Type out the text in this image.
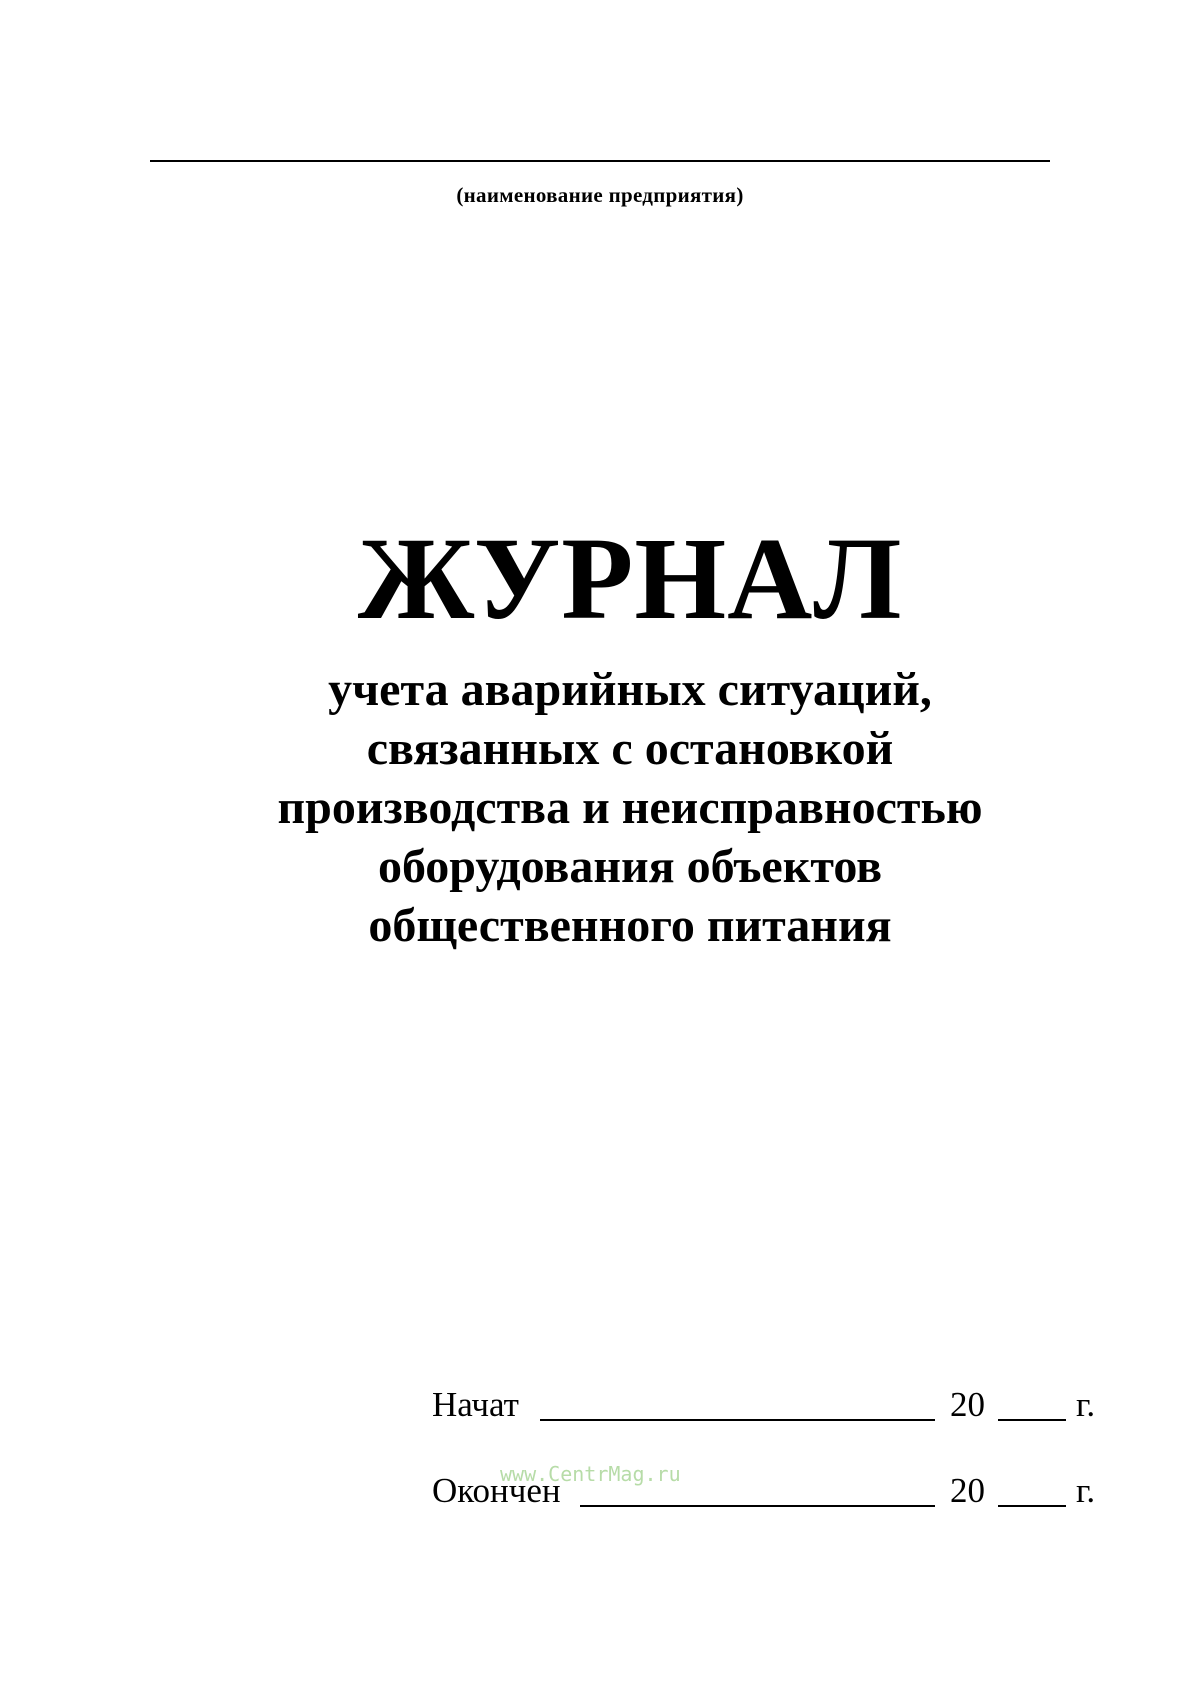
(наименование предприятия)
ЖУРНАЛ
учета аварийных ситуаций,
связанных с остановкой
производства и неисправностью
оборудования объектов
общественного питания
Начат	20	г.
Окончен	20	г.
www.CentrMag.ru
